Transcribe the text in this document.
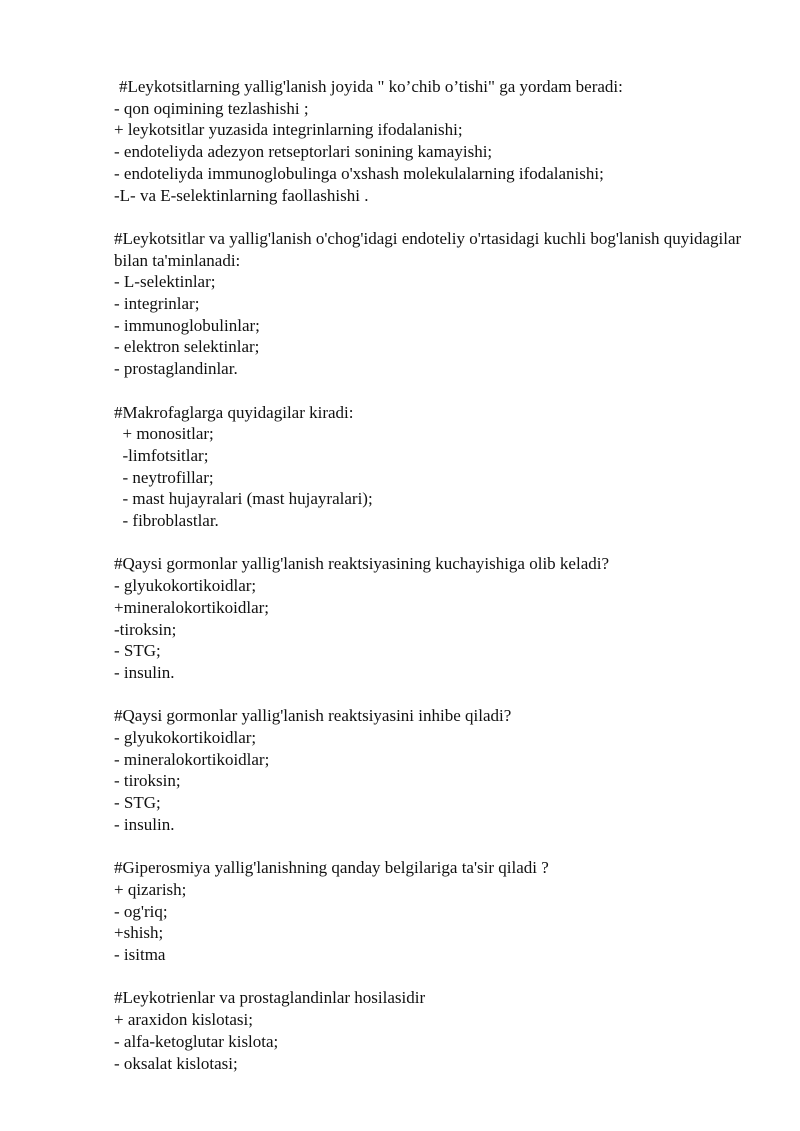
#Leykotsitlarning yallig'lanish joyida " ko’chib o’tishi" ga yordam beradi:
- qon oqimining tezlashishi ;
+ leykotsitlar yuzasida integrinlarning ifodalanishi;
- endoteliyda adezyon retseptorlari sonining kamayishi;
- endoteliyda immunoglobulinga o'xshash molekulalarning ifodalanishi;
-L- va E-selektinlarning faollashishi .
#Leykotsitlar va yallig'lanish o'chog'idagi endoteliy o'rtasidagi kuchli bog'lanish quyidagilar bilan ta'minlanadi:
- L-selektinlar;
- integrinlar;
- immunoglobulinlar;
- elektron selektinlar;
- prostaglandinlar.
#Makrofaglarga quyidagilar kiradi:
+ monositlar;
-limfotsitlar;
- neytrofillar;
- mast hujayralari (mast hujayralari);
- fibroblastlar.
#Qaysi gormonlar yallig'lanish reaktsiyasining kuchayishiga olib keladi?
- glyukokortikoidlar;
+mineralokortikoidlar;
-tiroksin;
- STG;
- insulin.
#Qaysi gormonlar yallig'lanish reaktsiyasini inhibe qiladi?
- glyukokortikoidlar;
- mineralokortikoidlar;
- tiroksin;
- STG;
- insulin.
#Giperosmiya yallig'lanishning qanday belgilariga ta'sir qiladi ?
+ qizarish;
- og'riq;
+shish;
- isitma
#Leykotrienlar va prostaglandinlar hosilasidir
+ araxidon kislotasi;
- alfa-ketoglutar kislota;
- oksalat kislotasi;
